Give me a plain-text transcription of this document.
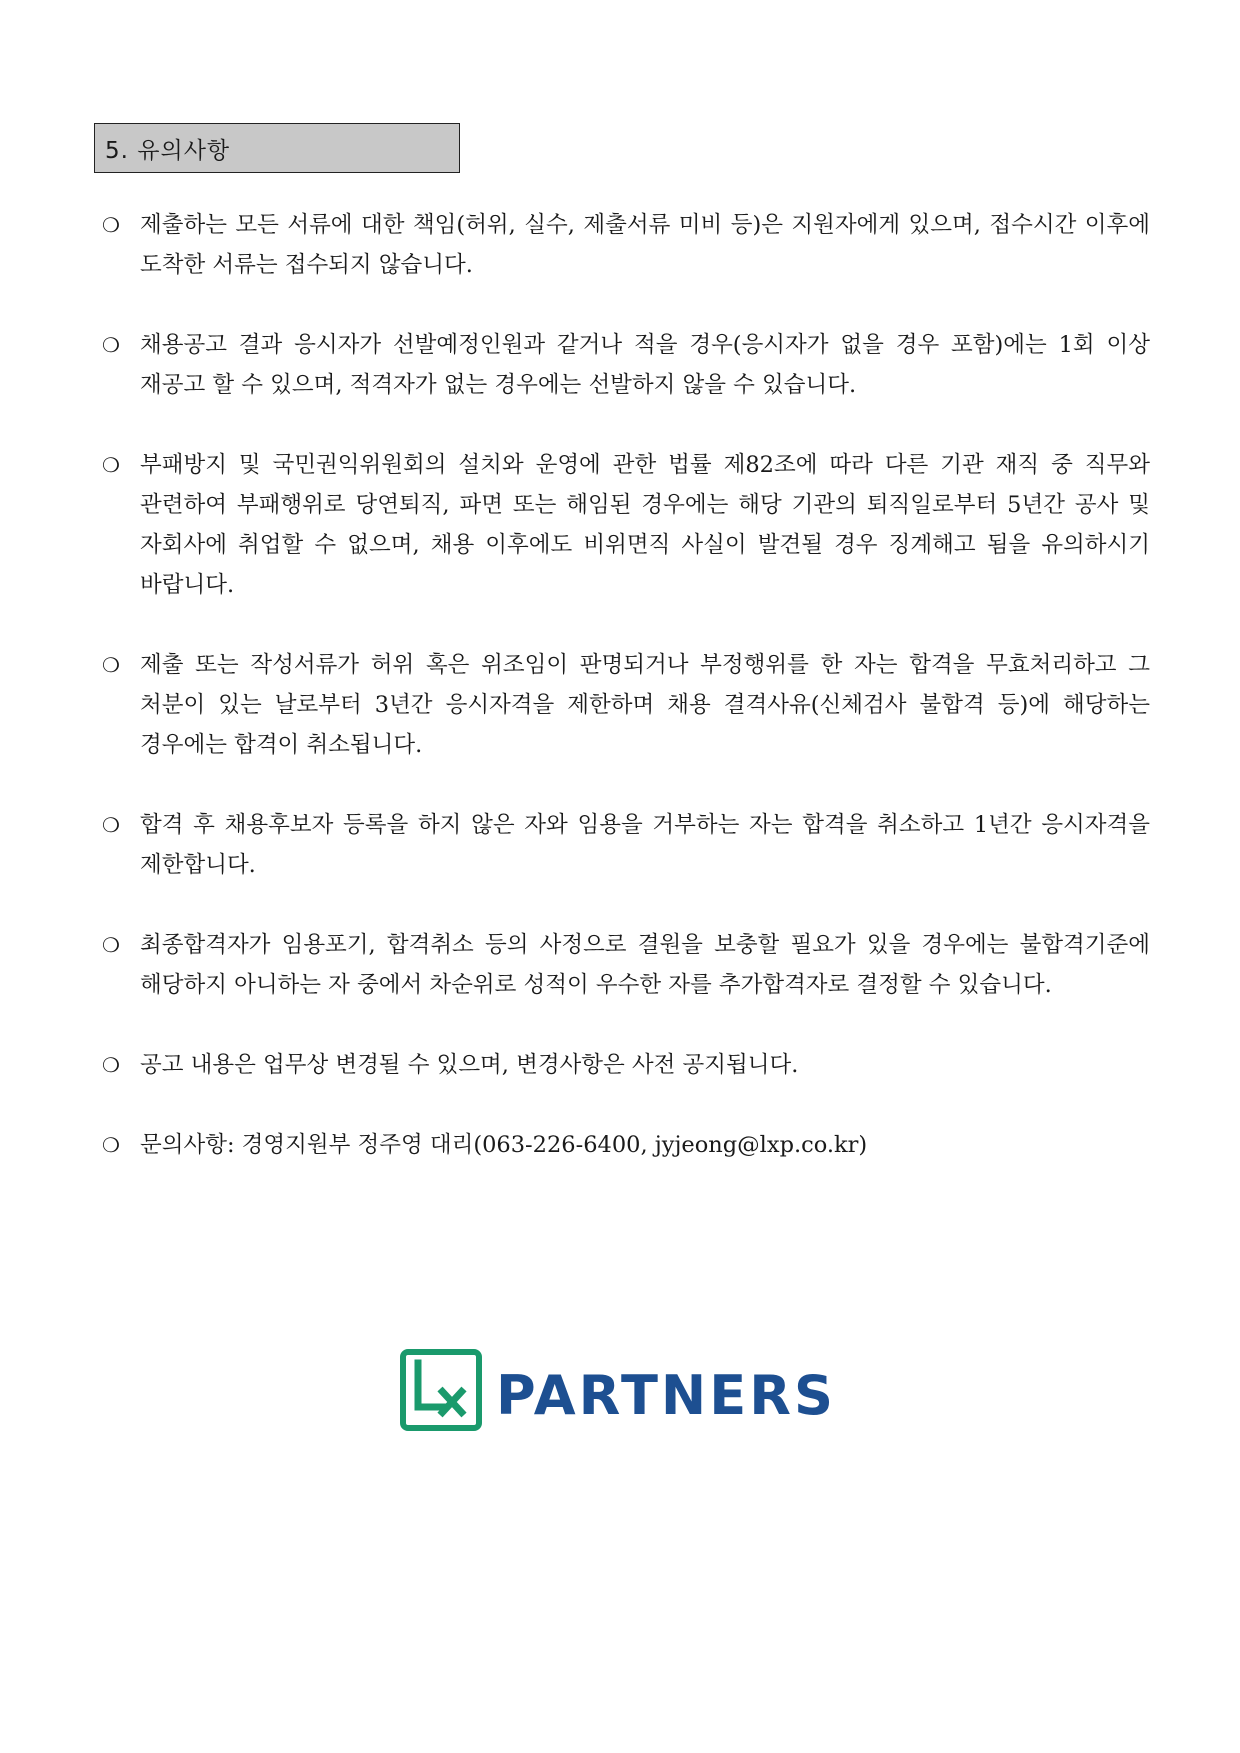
5. 유의사항
❍ 제출하는 모든 서류에 대한 책임(허위, 실수, 제출서류 미비 등)은 지원자에게 있으며, 접수시간 이후에 도착한 서류는 접수되지 않습니다.
❍ 채용공고 결과 응시자가 선발예정인원과 같거나 적을 경우(응시자가 없을 경우 포함)에는 1회 이상 재공고 할 수 있으며, 적격자가 없는 경우에는 선발하지 않을 수 있습니다.
❍ 부패방지 및 국민권익위원회의 설치와 운영에 관한 법률 제82조에 따라 다른 기관 재직 중 직무와 관련하여 부패행위로 당연퇴직, 파면 또는 해임된 경우에는 해당 기관의 퇴직일로부터 5년간 공사 및 자회사에 취업할 수 없으며, 채용 이후에도 비위면직 사실이 발견될 경우 징계해고 됨을 유의하시기 바랍니다.
❍ 제출 또는 작성서류가 허위 혹은 위조임이 판명되거나 부정행위를 한 자는 합격을 무효처리하고 그 처분이 있는 날로부터 3년간 응시자격을 제한하며 채용 결격사유(신체검사 불합격 등)에 해당하는 경우에는 합격이 취소됩니다.
❍ 합격 후 채용후보자 등록을 하지 않은 자와 임용을 거부하는 자는 합격을 취소하고 1년간 응시자격을 제한합니다.
❍ 최종합격자가 임용포기, 합격취소 등의 사정으로 결원을 보충할 필요가 있을 경우에는 불합격기준에 해당하지 아니하는 자 중에서 차순위로 성적이 우수한 자를 추가합격자로 결정할 수 있습니다.
❍ 공고 내용은 업무상 변경될 수 있으며, 변경사항은 사전 공지됩니다.
❍ 문의사항: 경영지원부 정주영 대리(063-226-6400, jyjeong@lxp.co.kr)
PARTNERS
